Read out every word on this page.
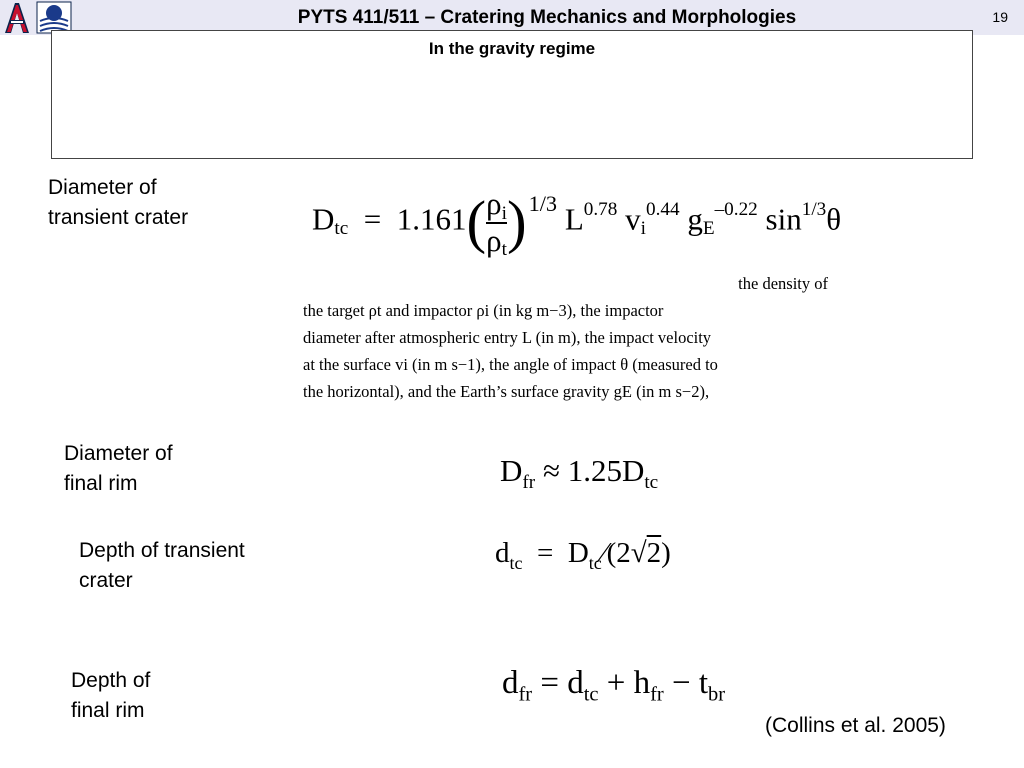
PYTS 411/511 – Cratering Mechanics and Morphologies	19
In the gravity regime
Diameter of transient crater
Diameter of final rim
Depth of transient crater
Depth of final rim
Dtc = $1.161( \frac{\rho i}{\rho t} )^{1/3}$ $L^{0.78}$ $vi^{0.44}$ $gE^{-0.22}$ $\sin^{1/3}\theta$
the density of
the target ρt and impactor ρi (in kg m−3), the impactor
diameter after atmospheric entry L (in m), the impact velocity
at the surface vi (in m s−1), the angle of impact θ (measured to
the horizontal), and the Earth’s surface gravity gE (in m s−2),
$D_{fr} \approx 1.25D_{tc}$
$d_{tc}$ = $D_{tc}∕(2√2)$
$d_{fr} = d_{tc} + h_{fr} - t_{br}$
(Collins et al. 2005)
